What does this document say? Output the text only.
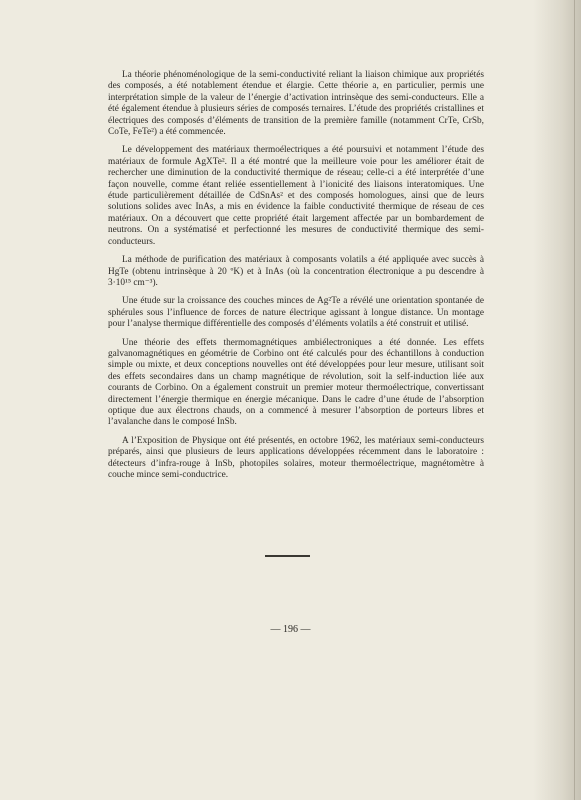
La théorie phénoménologique de la semi-conductivité reliant la liaison chimique aux propriétés des composés, a été notablement étendue et élargie. Cette théorie a, en particulier, permis une interprétation simple de la valeur de l’énergie d’activation intrinsèque des semi-conducteurs. Elle a été également étendue à plusieurs séries de composés ternaires. L’étude des propriétés cristallines et électriques des composés d’éléments de transition de la première famille (notamment CrTe, CrSb, CoTe, FeTe²) a été commencée.

Le développement des matériaux thermoélectriques a été poursuivi et notamment l’étude des matériaux de formule AgXTe². Il a été montré que la meilleure voie pour les améliorer était de rechercher une diminution de la conductivité thermique de réseau; celle-ci a été interprétée d’une façon nouvelle, comme étant reliée essentiellement à l’ionicité des liaisons interatomiques. Une étude particulièrement détaillée de CdSnAs² et des composés homologues, ainsi que de leurs solutions solides avec InAs, a mis en évidence la faible conductivité thermique de réseau de ces matériaux. On a découvert que cette propriété était largement affectée par un bombardement de neutrons. On a systématisé et perfectionné les mesures de conductivité thermique des semi-conducteurs.

La méthode de purification des matériaux à composants volatils a été appliquée avec succès à HgTe (obtenu intrinsèque à 20 ºK) et à InAs (où la concentration électronique a pu descendre à 3·10¹⁵ cm⁻³).

Une étude sur la croissance des couches minces de Ag²Te a révélé une orientation spontanée de sphérules sous l’influence de forces de nature électrique agissant à longue distance. Un montage pour l’analyse thermique différentielle des composés d’éléments volatils a été construit et utilisé.

Une théorie des effets thermomagnétiques ambiélectroniques a été donnée. Les effets galvanomagnétiques en géométrie de Corbino ont été calculés pour des échantillons à conduction simple ou mixte, et deux conceptions nouvelles ont été développées pour leur mesure, utilisant soit des effets secondaires dans un champ magnétique de révolution, soit la self-induction liée aux courants de Corbino. On a également construit un premier moteur thermoélectrique, convertissant directement l’énergie thermique en énergie mécanique. Dans le cadre d’une étude de l’absorption optique due aux électrons chauds, on a commencé à mesurer l’absorption de porteurs libres et l’avalanche dans le composé InSb.

A l’Exposition de Physique ont été présentés, en octobre 1962, les matériaux semi-conducteurs préparés, ainsi que plusieurs de leurs applications développées récemment dans le laboratoire : détecteurs d’infra-rouge à InSb, photopiles solaires, moteur thermoélectrique, magnétomètre à couche mince semi-conductrice.

— 196 —
